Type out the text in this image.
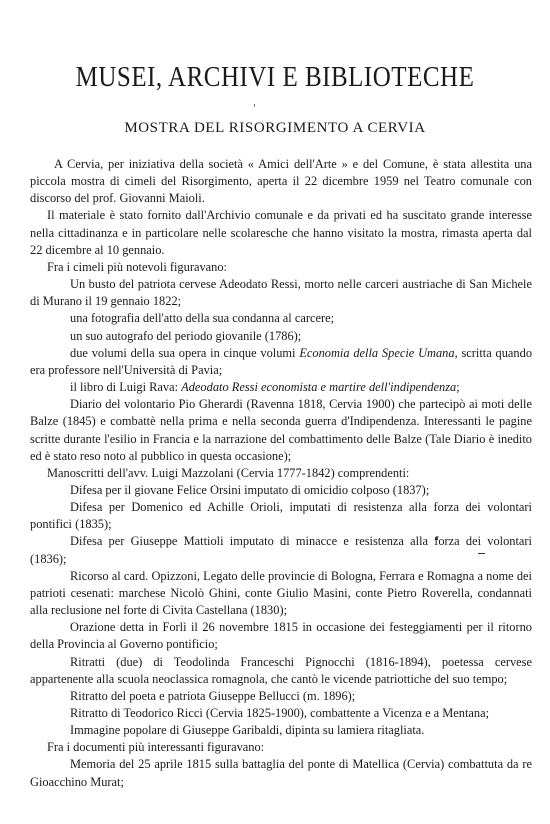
MUSEI, ARCHIVI E BIBLIOTECHE
MOSTRA DEL RISORGIMENTO A CERVIA

A Cervia, per iniziativa della società « Amici dell'Arte » e del Comune, è stata allestita una piccola mostra di cimeli del Risorgimento, aperta il 22 dicembre 1959 nel Teatro comunale con discorso del prof. Giovanni Maioli.

Il materiale è stato fornito dall'Archivio comunale e da privati ed ha suscitato grande interesse nella cittadinanza e in particolare nelle scolaresche che hanno visitato la mostra, rimasta aperta dal 22 dicembre al 10 gennaio.

Fra i cimeli più notevoli figuravano:

Un busto del patriota cervese Adeodato Ressi, morto nelle carceri austriache di San Michele di Murano il 19 gennaio 1822;

una fotografia dell'atto della sua condanna al carcere;

un suo autografo del periodo giovanile (1786);

due volumi della sua opera in cinque volumi Economia della Specie Umana, scritta quando era professore nell'Università di Pavia;

il libro di Luigi Rava: Adeodato Ressi economista e martire dell'indipendenza;

Diario del volontario Pio Gherardi (Ravenna 1818, Cervia 1900) che partecipò ai moti delle Balze (1845) e combattè nella prima e nella seconda guerra d'Indipendenza. Interessanti le pagine scritte durante l'esilio in Francia e la narrazione del combattimento delle Balze (Tale Diario è inedito ed è stato reso noto al pubblico in questa occasione);

Manoscritti dell'avv. Luigi Mazzolani (Cervia 1777-1842) comprendenti:

Difesa per il giovane Felice Orsini imputato di omicidio colposo (1837);

Difesa per Domenico ed Achille Orioli, imputati di resistenza alla forza dei volontari pontifici (1835);

Difesa per Giuseppe Mattioli imputato di minacce e resistenza alla forza dei volontari (1836);

Ricorso al card. Opizzoni, Legato delle provincie di Bologna, Ferrara e Romagna a nome dei patrioti cesenati: marchese Nicolò Ghini, conte Giulio Masini, conte Pietro Roverella, condannati alla reclusione nel forte di Civita Castellana (1830);

Orazione detta in Forlì il 26 novembre 1815 in occasione dei festeggiamenti per il ritorno della Provincia al Governo pontificio;

Ritratti (due) di Teodolinda Franceschi Pignocchi (1816-1894), poetessa cervese appartenente alla scuola neoclassica romagnola, che cantò le vicende patriottiche del suo tempo;

Ritratto del poeta e patriota Giuseppe Bellucci (m. 1896);

Ritratto di Teodorico Ricci (Cervia 1825-1900), combattente a Vicenza e a Mentana;

Immagine popolare di Giuseppe Garibaldi, dipinta su lamiera ritagliata.

Fra i documenti più interessanti figuravano:

Memoria del 25 aprile 1815 sulla battaglia del ponte di Matellica (Cervia) combattuta da re Gioacchino Murat;
